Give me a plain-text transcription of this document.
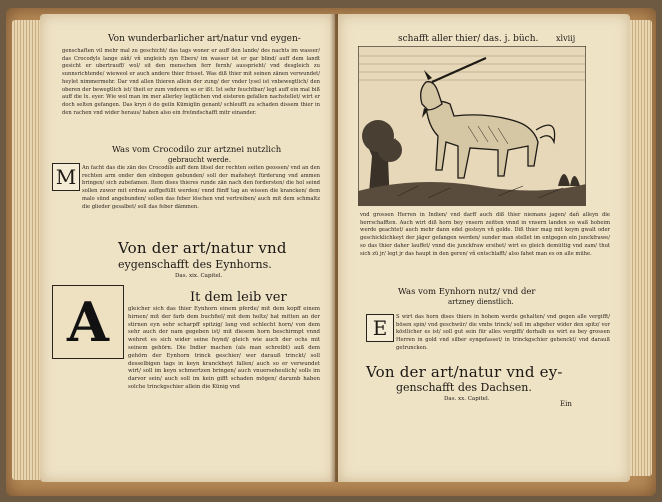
Von wunderbarlicher art/natur vnd eygen-
genschaften vil mehr mal zu geschicht/ das tags woner er auff den lande/ des nachts im wasser/ das Crocodyls lange zäñ/ vñ ungleich zyn Ebers/ im wasser ist er gar blind/ auff dem landt gesicht er ubertrauff/ wol/ sit den menschen ferr fernh/ aussprieht/ vnd desgleich zu sunnsrichtende/ wieweol er auch andere thier frisset. Was diß thier mit seinen zänen verwundet/ heylet nimmermehr. Dar vnd allen thieren allein der zung/ der vnder lysel ist vnbewegtlich/ den oberen der bewegtlich ist/ theit er zum vnderen so er ißt. Ist sehr feuchtbar/ legt auff ein mal biß auff die lx. eyer. Wie wol man im mer allerley legtlichen vnd eisteren gefallen nachstellet/ wirt er doch selten gefangen. Das kryn ö do geiln Kümiglin genant/ schleufft zu schaden dissem thier in den rachen vnd wider heraus/ haben also ein freündschafft mitr einander.
Was vom Crocodilo zur artznei nutzlich
gebraucht werde.
M	An facht das die zän des Crocodils auff dem litsel der rechten seiten geossen/ vnd an den rechten arm onder den elnbogen gebunden/ soll der mañsheyt fürderung vnd ammen bringen/ sich zubefamen. Item dises thieres runde zän nach den fordersten/ die hol seind sollen zuwor mit erdrau auffgefüllt werden/ vnnd fünff tag an wissen die krancken/ dem malo sünd angebunden/ sollen das feber löschen vnd vertreiben/ auch mit dem schmaltz die glieder gesalbet/ soll das feber dämmen.
Von der art/natur vnd
eygenschafft des Eynhorns.
Das. xix. Capitel.
A	It dem leib ver
gleicher sich das thier Eynhorn einem pferde/ mit dem kopff einem hirnen/ mit der farb dem buchfiel/ mit dem holtz/ hat mitten an der stirnen eyn sehr scharpff spitzig/ lang vnd schlecht horn/ von dem sehr auch der nam gegeben ist/ mit diesem horn beschirmpt vnnd wehret es sich wider seine feynd/ gleich wie auch der ochs mit seinem gehörn. Die Indier machen (als man schreibt) auß dem gehörn der Eynhorn trinck geschier/ wer darauß trinckt/ soll desselbigen tags in keyn kranckheyt fallen/ auch so er verwundet wirt/ soll im keyn schmertzen bringen/ auch vnuerseheulich/ solls im darvor sein/ auch soll im kein gifft schaden mögen/ darumb haben solche trinckgschier allein die Künig vnd
schafft aller thier/ das. j. büch. xlviij
vnd grossen Herren in Indien/ vnd darff auch diß thier niemans jagen/ dañ alleyn die herrschafften. Auch wirt diß horn bey vnsern zeitten vnnd in vnsern landen so waß hoheim werde geachtet/ auch mehr dann edel gesteyn vñ golde. Diß thier mag mit keym gwalt oder geschicklichkeyt der jäger gefangen werden/ sunder man stellet im entgegen ein junckfrawe/ so das thier daher lauffet/ vnnd die junckfraw ersihet/ wirt es gleich demüttig vnd zam/ thut sich zü jr/ legt jr das haupt in den geren/ vñ entschlafft/ also fahet man es on alle mühe.
Was vom Eynhorn nutz/ vnd der
artzney dienstlich.
E	S wirt das horn dises thiers in hohem werde gehalten/ vnd gegen alle vergifft/ bösen spin/ vnd geschwür/ die vmbs trinck/ soll im abgeher wider den spitz/ vor köstlicher es ist/ soll gut sein für alles vergiffi/ derhalb es wirt es bey grossen Herren in gold vnd silber eyngefasset/ in trinckgschier gehenckt/ vnd darauß getruncken.
Von der art/natur vnd ey-
genschafft des Dachsen.
Das. xx. Capitel.
Ein
